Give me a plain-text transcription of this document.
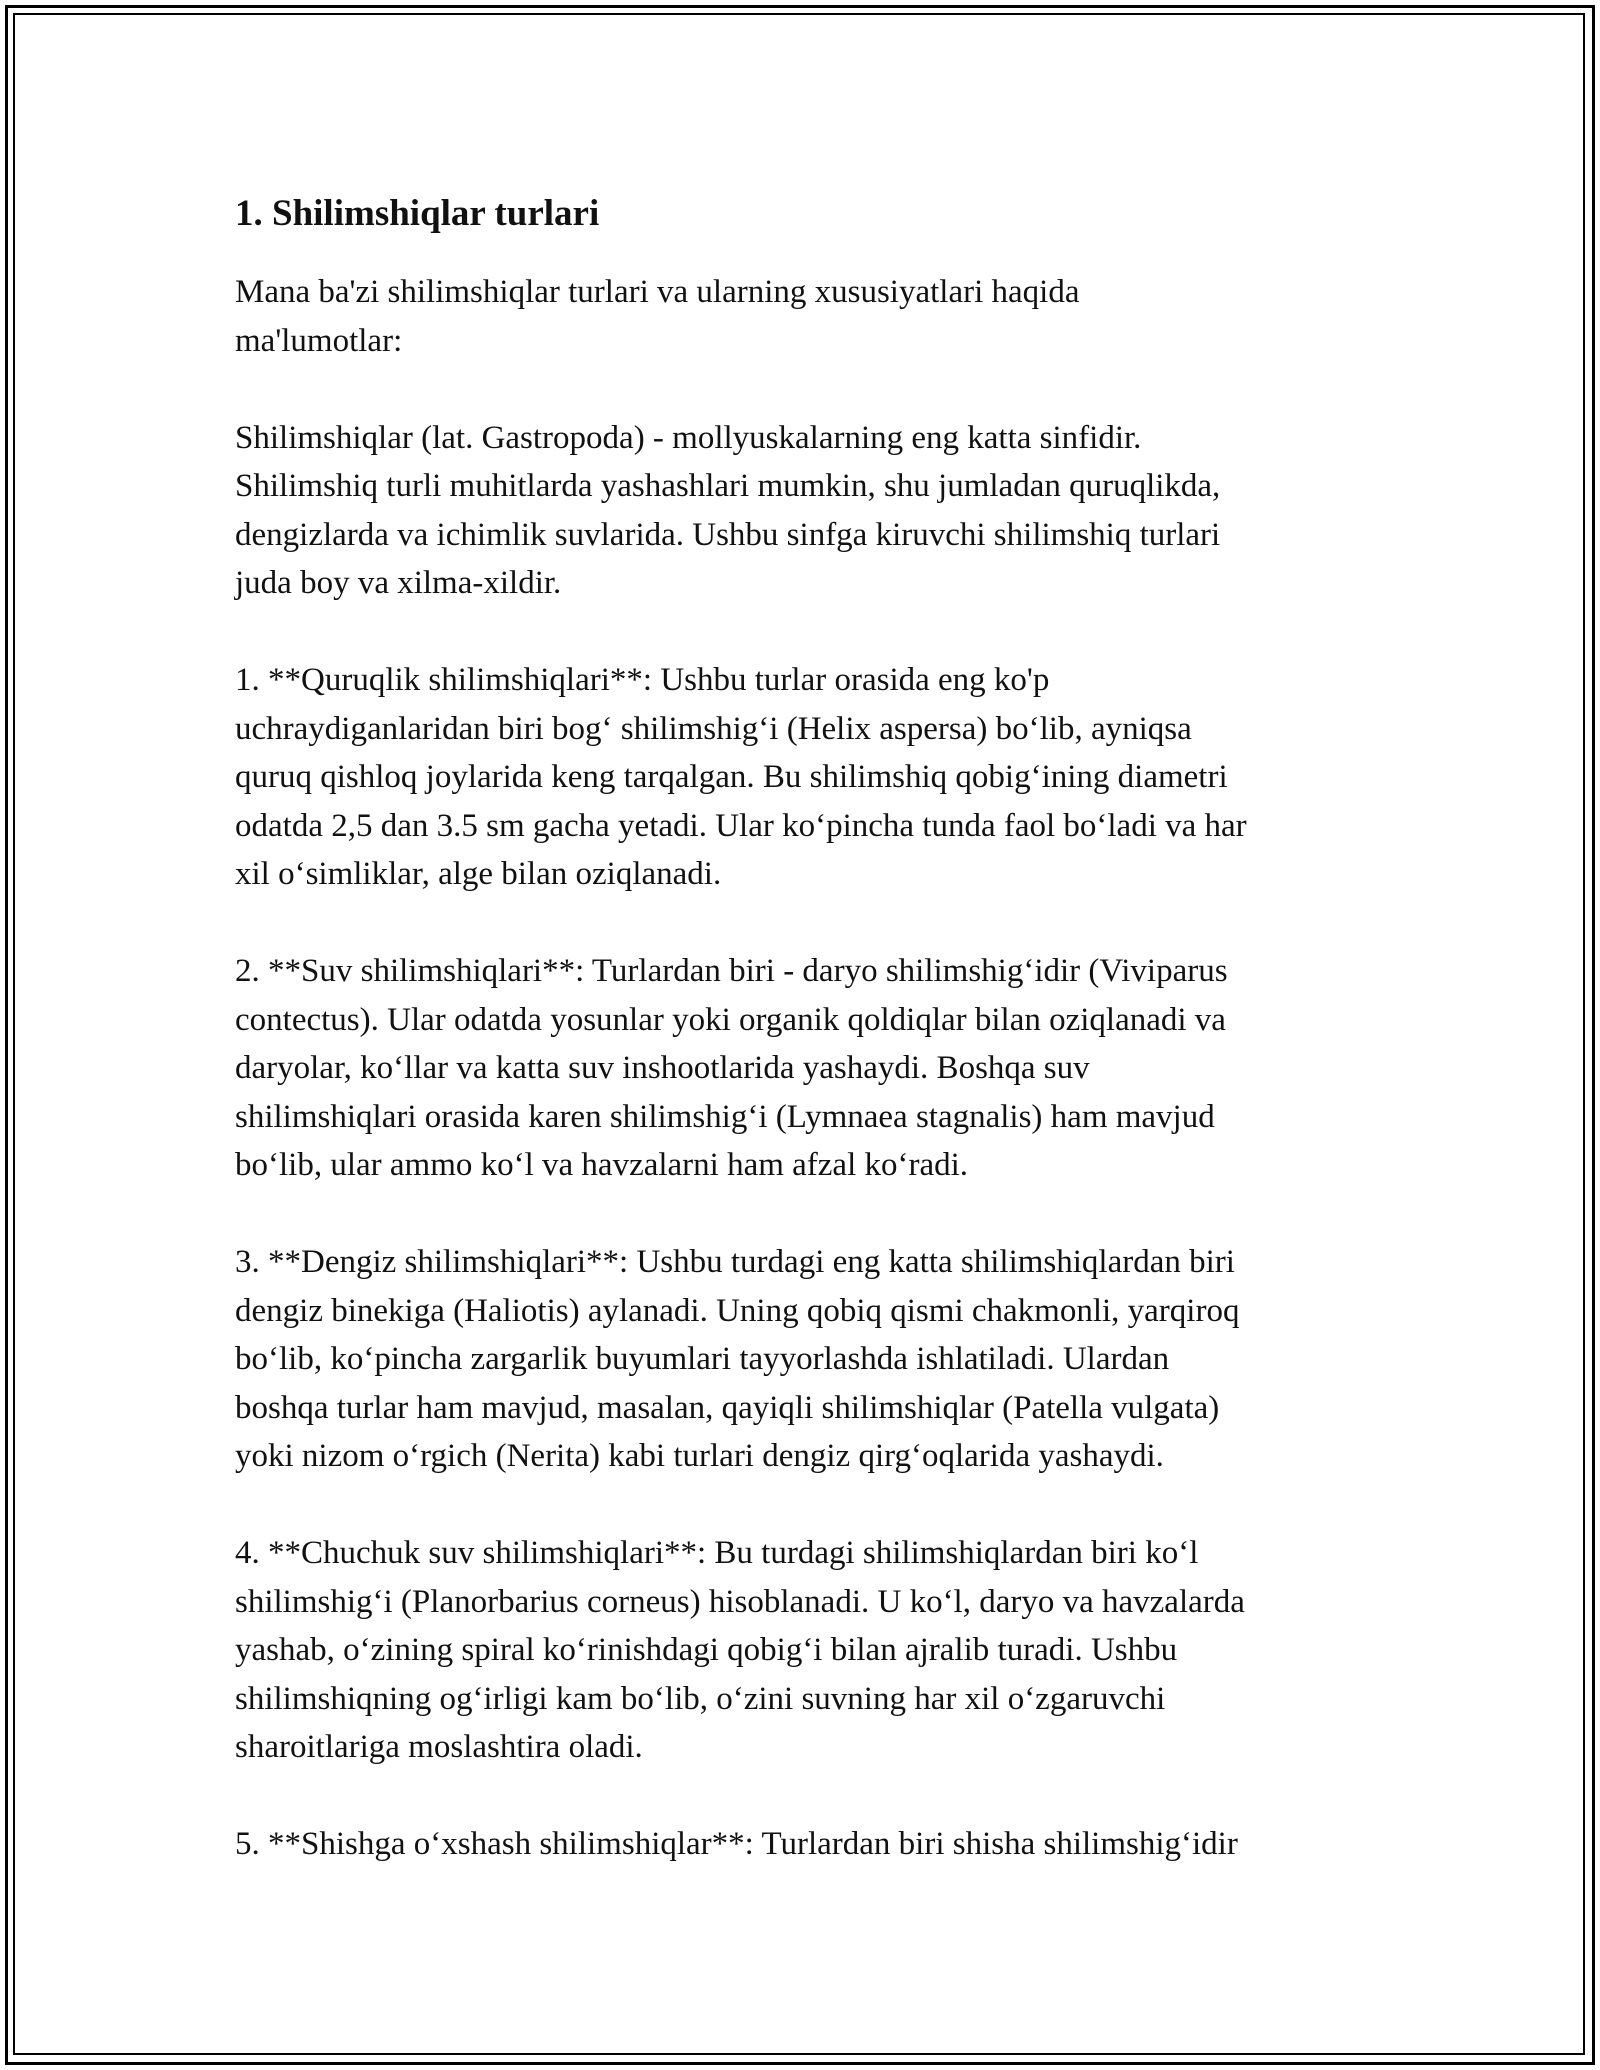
1. Shilimshiqlar turlari

Mana ba'zi shilimshiqlar turlari va ularning xususiyatlari haqida
ma'lumotlar:

Shilimshiqlar (lat. Gastropoda) - mollyuskalarning eng katta sinfidir.
Shilimshiq turli muhitlarda yashashlari mumkin, shu jumladan quruqlikda,
dengizlarda va ichimlik suvlarida. Ushbu sinfga kiruvchi shilimshiq turlari
juda boy va xilma-xildir.

1. **Quruqlik shilimshiqlari**: Ushbu turlar orasida eng ko'p
uchraydiganlaridan biri bog‘ shilimshig‘i (Helix aspersa) bo‘lib, ayniqsa
quruq qishloq joylarida keng tarqalgan. Bu shilimshiq qobig‘ining diametri
odatda 2,5 dan 3.5 sm gacha yetadi. Ular ko‘pincha tunda faol bo‘ladi va har
xil o‘simliklar, alge bilan oziqlanadi.

2. **Suv shilimshiqlari**: Turlardan biri - daryo shilimshig‘idir (Viviparus
contectus). Ular odatda yosunlar yoki organik qoldiqlar bilan oziqlanadi va
daryolar, ko‘llar va katta suv inshootlarida yashaydi. Boshqa suv
shilimshiqlari orasida karen shilimshig‘i (Lymnaea stagnalis) ham mavjud
bo‘lib, ular ammo ko‘l va havzalarni ham afzal ko‘radi.

3. **Dengiz shilimshiqlari**: Ushbu turdagi eng katta shilimshiqlardan biri
dengiz binekiga (Haliotis) aylanadi. Uning qobiq qismi chakmonli, yarqiroq
bo‘lib, ko‘pincha zargarlik buyumlari tayyorlashda ishlatiladi. Ulardan
boshqa turlar ham mavjud, masalan, qayiqli shilimshiqlar (Patella vulgata)
yoki nizom o‘rgich (Nerita) kabi turlari dengiz qirg‘oqlarida yashaydi.

4. **Chuchuk suv shilimshiqlari**: Bu turdagi shilimshiqlardan biri ko‘l
shilimshig‘i (Planorbarius corneus) hisoblanadi. U ko‘l, daryo va havzalarda
yashab, o‘zining spiral ko‘rinishdagi qobig‘i bilan ajralib turadi. Ushbu
shilimshiqning og‘irligi kam bo‘lib, o‘zini suvning har xil o‘zgaruvchi
sharoitlariga moslashtira oladi.

5. **Shishga o‘xshash shilimshiqlar**: Turlardan biri shisha shilimshig‘idir
